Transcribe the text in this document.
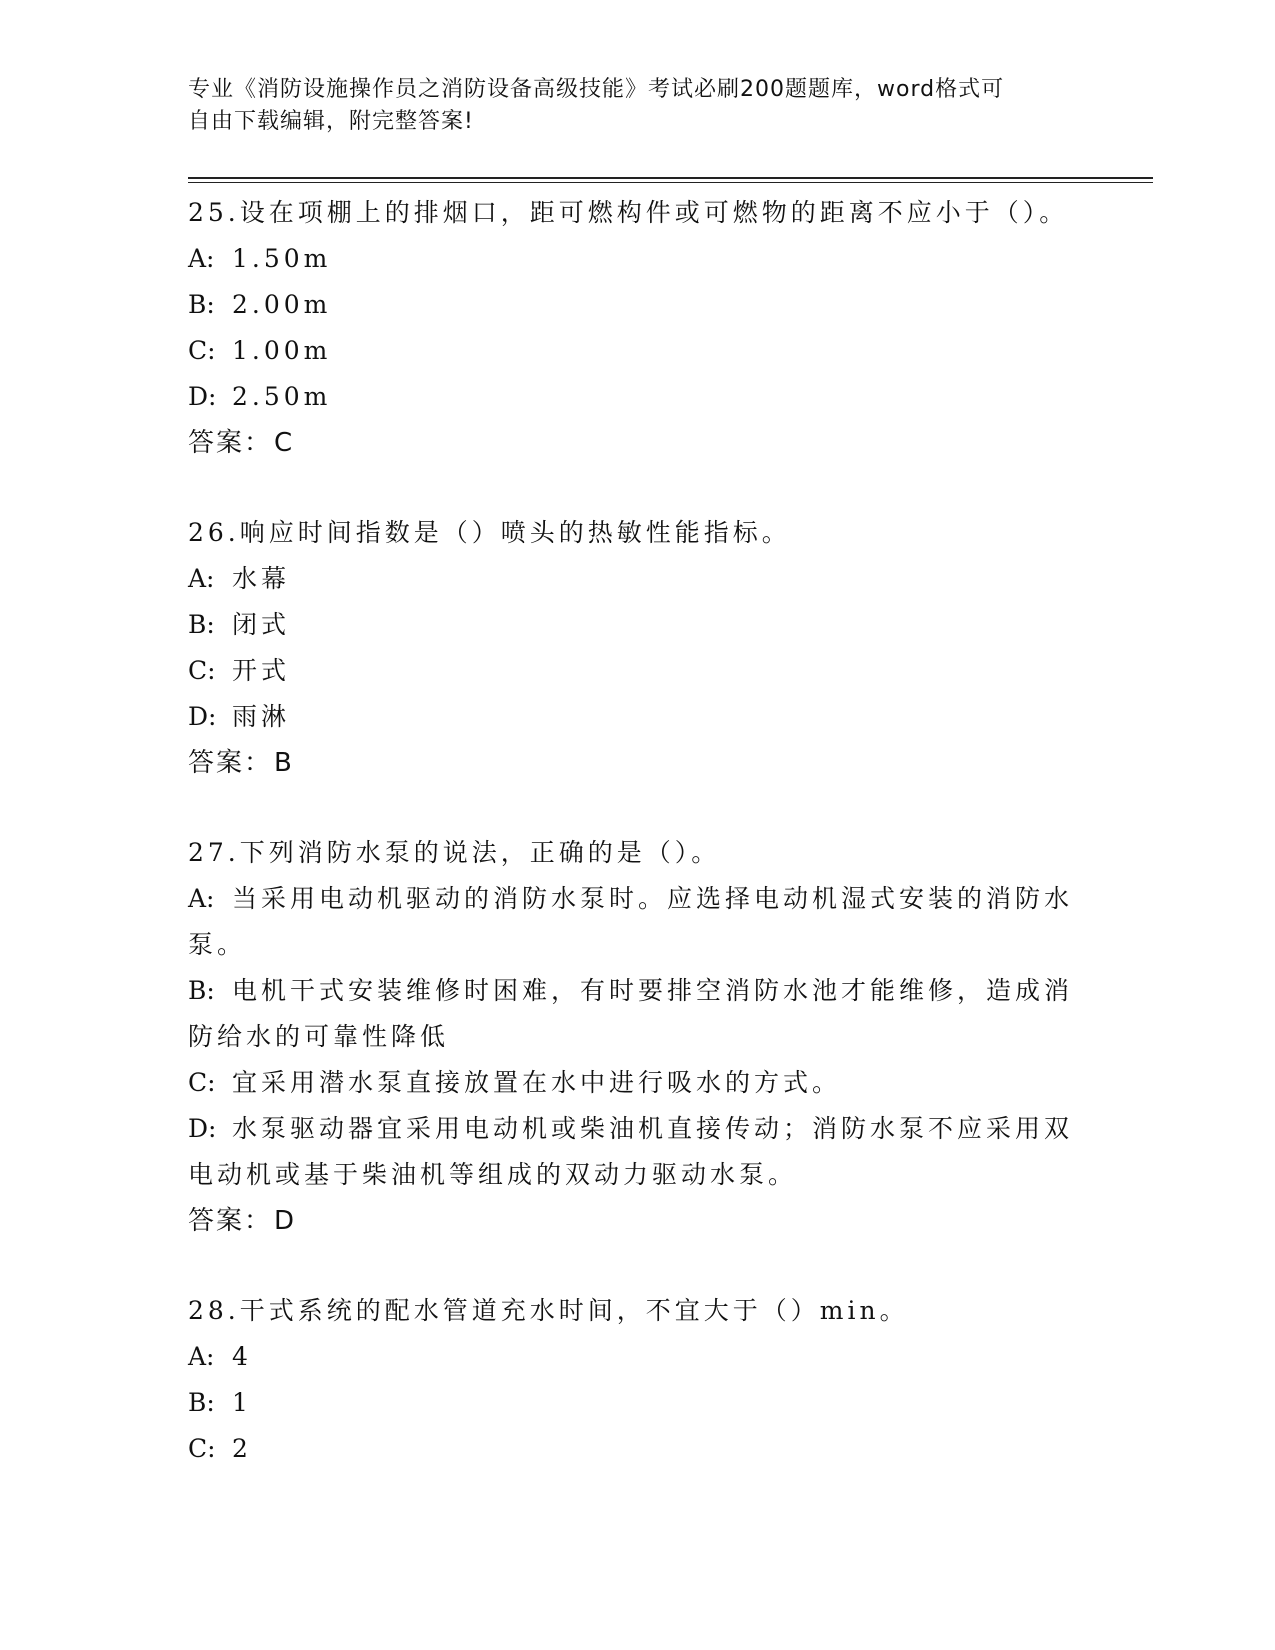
专业《消防设施操作员之消防设备高级技能》考试必刷200题题库，word格式可
自由下载编辑，附完整答案!

25.设在项棚上的排烟口，距可燃构件或可燃物的距离不应小于（）。

A: 1.50m

B: 2.00m

C: 1.00m

D: 2.50m

答案：C

26.响应时间指数是（）喷头的热敏性能指标。

A: 水幕

B: 闭式

C: 开式

D: 雨淋

答案：B

27.下列消防水泵的说法，正确的是（）。

A: 当采用电动机驱动的消防水泵时。应选择电动机湿式安装的消防水泵。

B: 电机干式安装维修时困难，有时要排空消防水池才能维修，造成消防给水的可靠性降低

C: 宜采用潜水泵直接放置在水中进行吸水的方式。

D: 水泵驱动器宜采用电动机或柴油机直接传动；消防水泵不应采用双电动机或基于柴油机等组成的双动力驱动水泵。

答案：D

28.干式系统的配水管道充水时间，不宜大于（）min。

A: 4

B: 1

C: 2
